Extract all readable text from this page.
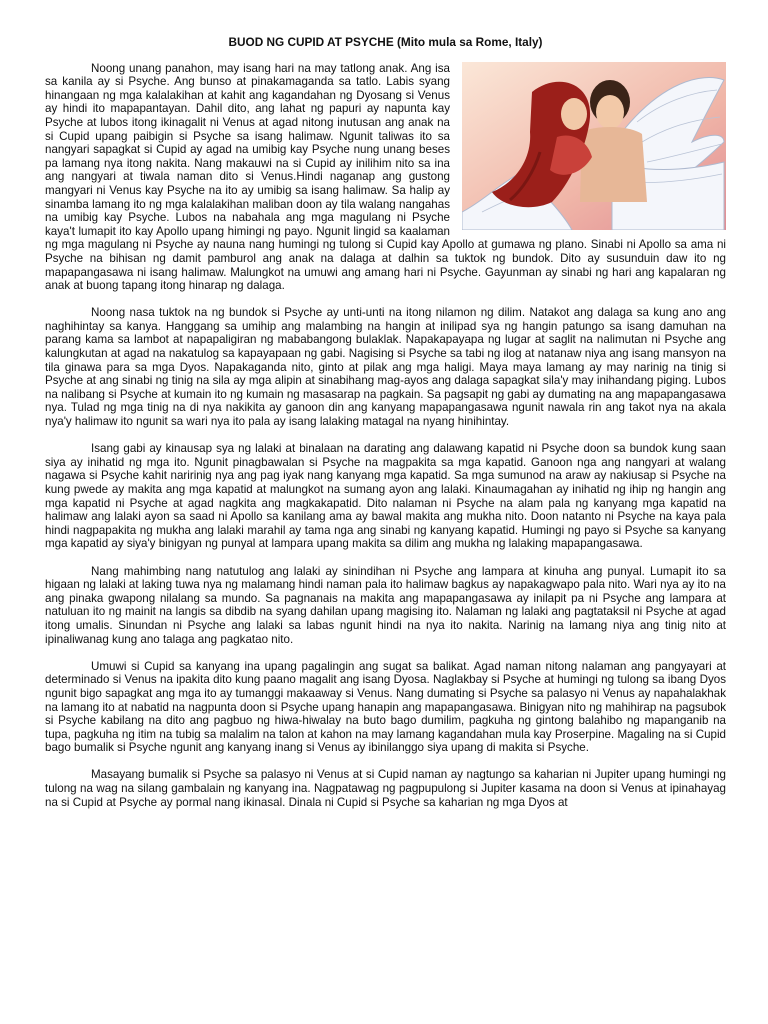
BUOD NG CUPID AT PSYCHE (Mito mula sa Rome, Italy)

Noong unang panahon, may isang hari na may tatlong anak. Ang isa sa kanila ay si Psyche. Ang bunso at pinakamaganda sa tatlo. Labis syang hinangaan ng mga kalalakihan at kahit ang kagandahan ng Dyosang si Venus ay hindi ito mapapantayan. Dahil dito, ang lahat ng papuri ay napunta kay Psyche at lubos itong ikinagalit ni Venus at agad nitong inutusan ang anak na si Cupid upang paibigin si Psyche sa isang halimaw. Ngunit taliwas ito sa nangyari sapagkat si Cupid ay agad na umibig kay Psyche nung unang beses pa lamang nya itong nakita. Nang makauwi na si Cupid ay inilihim nito sa ina ang nangyari at tiwala naman dito si Venus.Hindi naganap ang gustong mangyari ni Venus kay Psyche na ito ay umibig sa isang halimaw. Sa halip ay sinamba lamang ito ng mga kalalakihan maliban doon ay tila walang nangahas na umibig kay Psyche. Lubos na nabahala ang mga magulang ni Psyche kaya't lumapit ito kay Apollo upang himingi ng payo. Ngunit lingid sa kaalaman ng mga magulang ni Psyche ay nauna nang humingi ng tulong si Cupid kay Apollo at gumawa ng plano. Sinabi ni Apollo sa ama ni Psyche na bihisan ng damit pamburol ang anak na dalaga at dalhin sa tuktok ng bundok. Dito ay susunduin daw ito ng mapapangasawa ni isang halimaw. Malungkot na umuwi ang amang hari ni Psyche. Gayunman ay sinabi ng hari ang kapalaran ng anak at buong tapang itong hinarap ng dalaga.

Noong nasa tuktok na ng bundok si Psyche ay unti-unti na itong nilamon ng dilim. Natakot ang dalaga sa kung ano ang naghihintay sa kanya. Hanggang sa umihip ang malambing na hangin at inilipad sya ng hangin patungo sa isang damuhan na parang kama sa lambot at napapaligiran ng mababangong bulaklak. Napakapayapa ng lugar at saglit na nalimutan ni Psyche ang kalungkutan at agad na nakatulog sa kapayapaan ng gabi. Nagising si Psyche sa tabi ng ilog at natanaw niya ang isang mansyon na tila ginawa para sa mga Dyos. Napakaganda nito, ginto at pilak ang mga haligi. Maya maya lamang ay may narinig na tinig si Psyche at ang sinabi ng tinig na sila ay mga alipin at sinabihang mag-ayos ang dalaga sapagkat sila'y may inihandang piging. Lubos na nalibang si Psyche at kumain ito ng kumain ng masasarap na pagkain. Sa pagsapit ng gabi ay dumating na ang mapapangasawa nya. Tulad ng mga tinig na di nya nakikita ay ganoon din ang kanyang mapapangasawa ngunit nawala rin ang takot nya na akala nya'y halimaw ito ngunit sa wari nya ito pala ay isang lalaking matagal na nyang hinihintay.

Isang gabi ay kinausap sya ng lalaki at binalaan na darating ang dalawang kapatid ni Psyche doon sa bundok kung saan siya ay inihatid ng mga ito. Ngunit pinagbawalan si Psyche na magpakita sa mga kapatid. Ganoon nga ang nangyari at walang nagawa si Psyche kahit naririnig nya ang pag iyak nang kanyang mga kapatid. Sa mga sumunod na araw ay nakiusap si Psyche na kung pwede ay makita ang mga kapatid at malungkot na sumang ayon ang lalaki. Kinaumagahan ay inihatid ng ihip ng hangin ang mga kapatid ni Psyche at agad nagkita ang magkakapatid. Dito nalaman ni Psyche na alam pala ng kanyang mga kapatid na halimaw ang lalaki ayon sa saad ni Apollo sa kanilang ama ay bawal makita ang mukha nito. Doon natanto ni Psyche na kaya pala hindi nagpapakita ng mukha ang lalaki marahil ay tama nga ang sinabi ng kanyang kapatid. Humingi ng payo si Psyche sa kanyang mga kapatid ay siya'y binigyan ng punyal at lampara upang makita sa dilim ang mukha ng lalaking mapapangasawa.

Nang mahimbing nang natutulog ang lalaki ay sinindihan ni Psyche ang lampara at kinuha ang punyal. Lumapit ito sa higaan ng lalaki at laking tuwa nya ng malamang hindi naman pala ito halimaw bagkus ay napakagwapo pala nito. Wari nya ay ito na ang pinaka gwapong nilalang sa mundo. Sa pagnanais na makita ang mapapangasawa ay inilapit pa ni Psyche ang lampara at natuluan ito ng mainit na langis sa dibdib na syang dahilan upang magising ito. Nalaman ng lalaki ang pagtataksil ni Psyche at agad itong umalis. Sinundan ni Psyche ang lalaki sa labas ngunit hindi na nya ito nakita. Narinig na lamang niya ang tinig nito at ipinaliwanag kung ano talaga ang pagkatao nito.

Umuwi si Cupid sa kanyang ina upang pagalingin ang sugat sa balikat. Agad naman nitong nalaman ang pangyayari at determinado si Venus na ipakita dito kung paano magalit ang isang Dyosa. Naglakbay si Psyche at humingi ng tulong sa ibang Dyos ngunit bigo sapagkat ang mga ito ay tumanggi makaaway si Venus. Nang dumating si Psyche sa palasyo ni Venus ay napahalakhak na lamang ito at nabatid na nagpunta doon si Psyche upang hanapin ang mapapangasawa. Binigyan nito ng mahihirap na pagsubok si Psyche kabilang na dito ang pagbuo ng hiwa-hiwalay na buto bago dumilim, pagkuha ng gintong balahibo ng mapanganib na tupa, pagkuha ng itim na tubig sa malalim na talon at kahon na may lamang kagandahan mula kay Proserpine. Magaling na si Cupid bago bumalik si Psyche ngunit ang kanyang inang si Venus ay ibinilanggo siya upang di makita si Psyche.

Masayang bumalik si Psyche sa palasyo ni Venus at si Cupid naman ay nagtungo sa kaharian ni Jupiter upang humingi ng tulong na wag na silang gambalain ng kanyang ina. Nagpatawag ng pagpupulong si Jupiter kasama na doon si Venus at ipinahayag na si Cupid at Psyche ay pormal nang ikinasal. Dinala ni Cupid si Psyche sa kaharian ng mga Dyos at
